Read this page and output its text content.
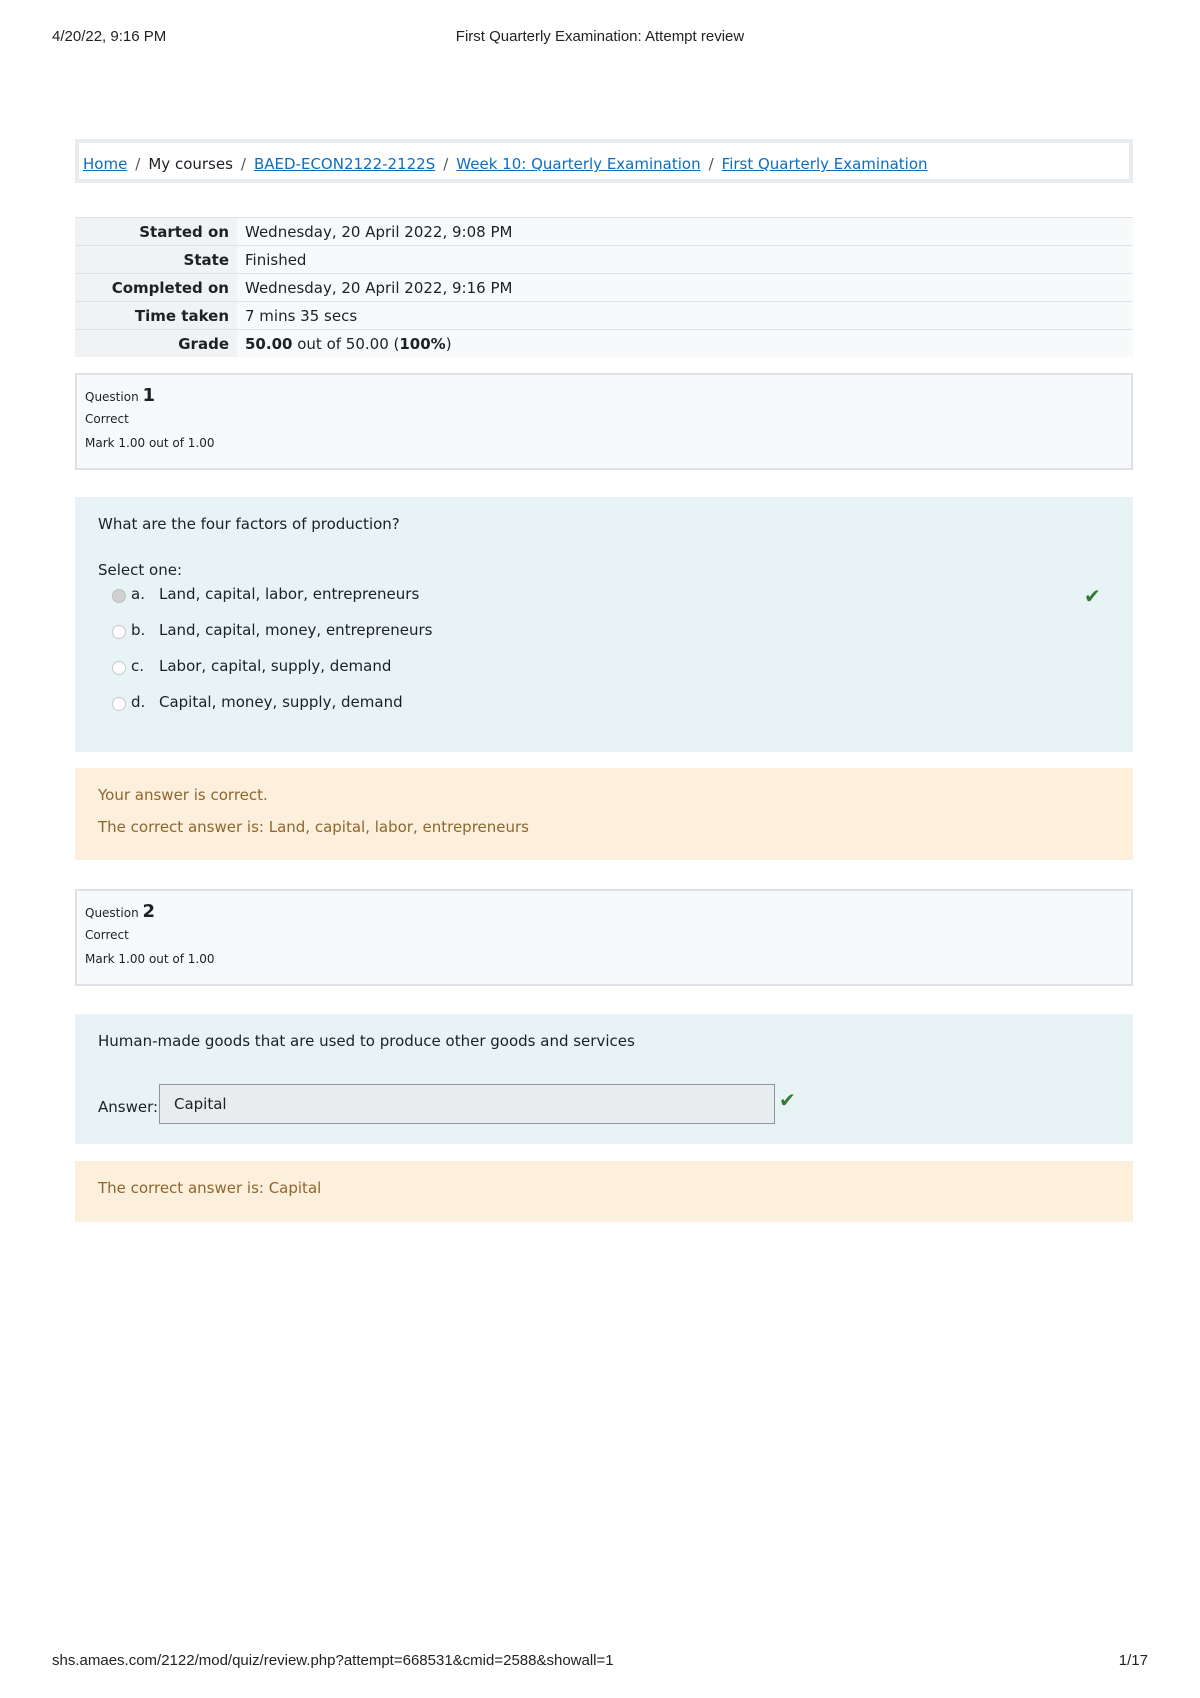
4/20/22, 9:16 PM	First Quarterly Examination: Attempt review
Home / My courses / BAED-ECON2122-2122S / Week 10: Quarterly Examination / First Quarterly Examination
Started on	Wednesday, 20 April 2022, 9:08 PM
State	Finished
Completed on	Wednesday, 20 April 2022, 9:16 PM
Time taken	7 mins 35 secs
Grade	50.00 out of 50.00 (100%)
Question 1
Correct
Mark 1.00 out of 1.00

What are the four factors of production?

Select one:
a. Land, capital, labor, entrepreneurs
b. Land, capital, money, entrepreneurs
c. Labor, capital, supply, demand
d. Capital, money, supply, demand
✔

Your answer is correct.

The correct answer is: Land, capital, labor, entrepreneurs

Question 2
Correct
Mark 1.00 out of 1.00

Human-made goods that are used to produce other goods and services

Answer:
Capital	✔

The correct answer is: Capital

shs.amaes.com/2122/mod/quiz/review.php?attempt=668531&cmid=2588&showall=1	1/17
